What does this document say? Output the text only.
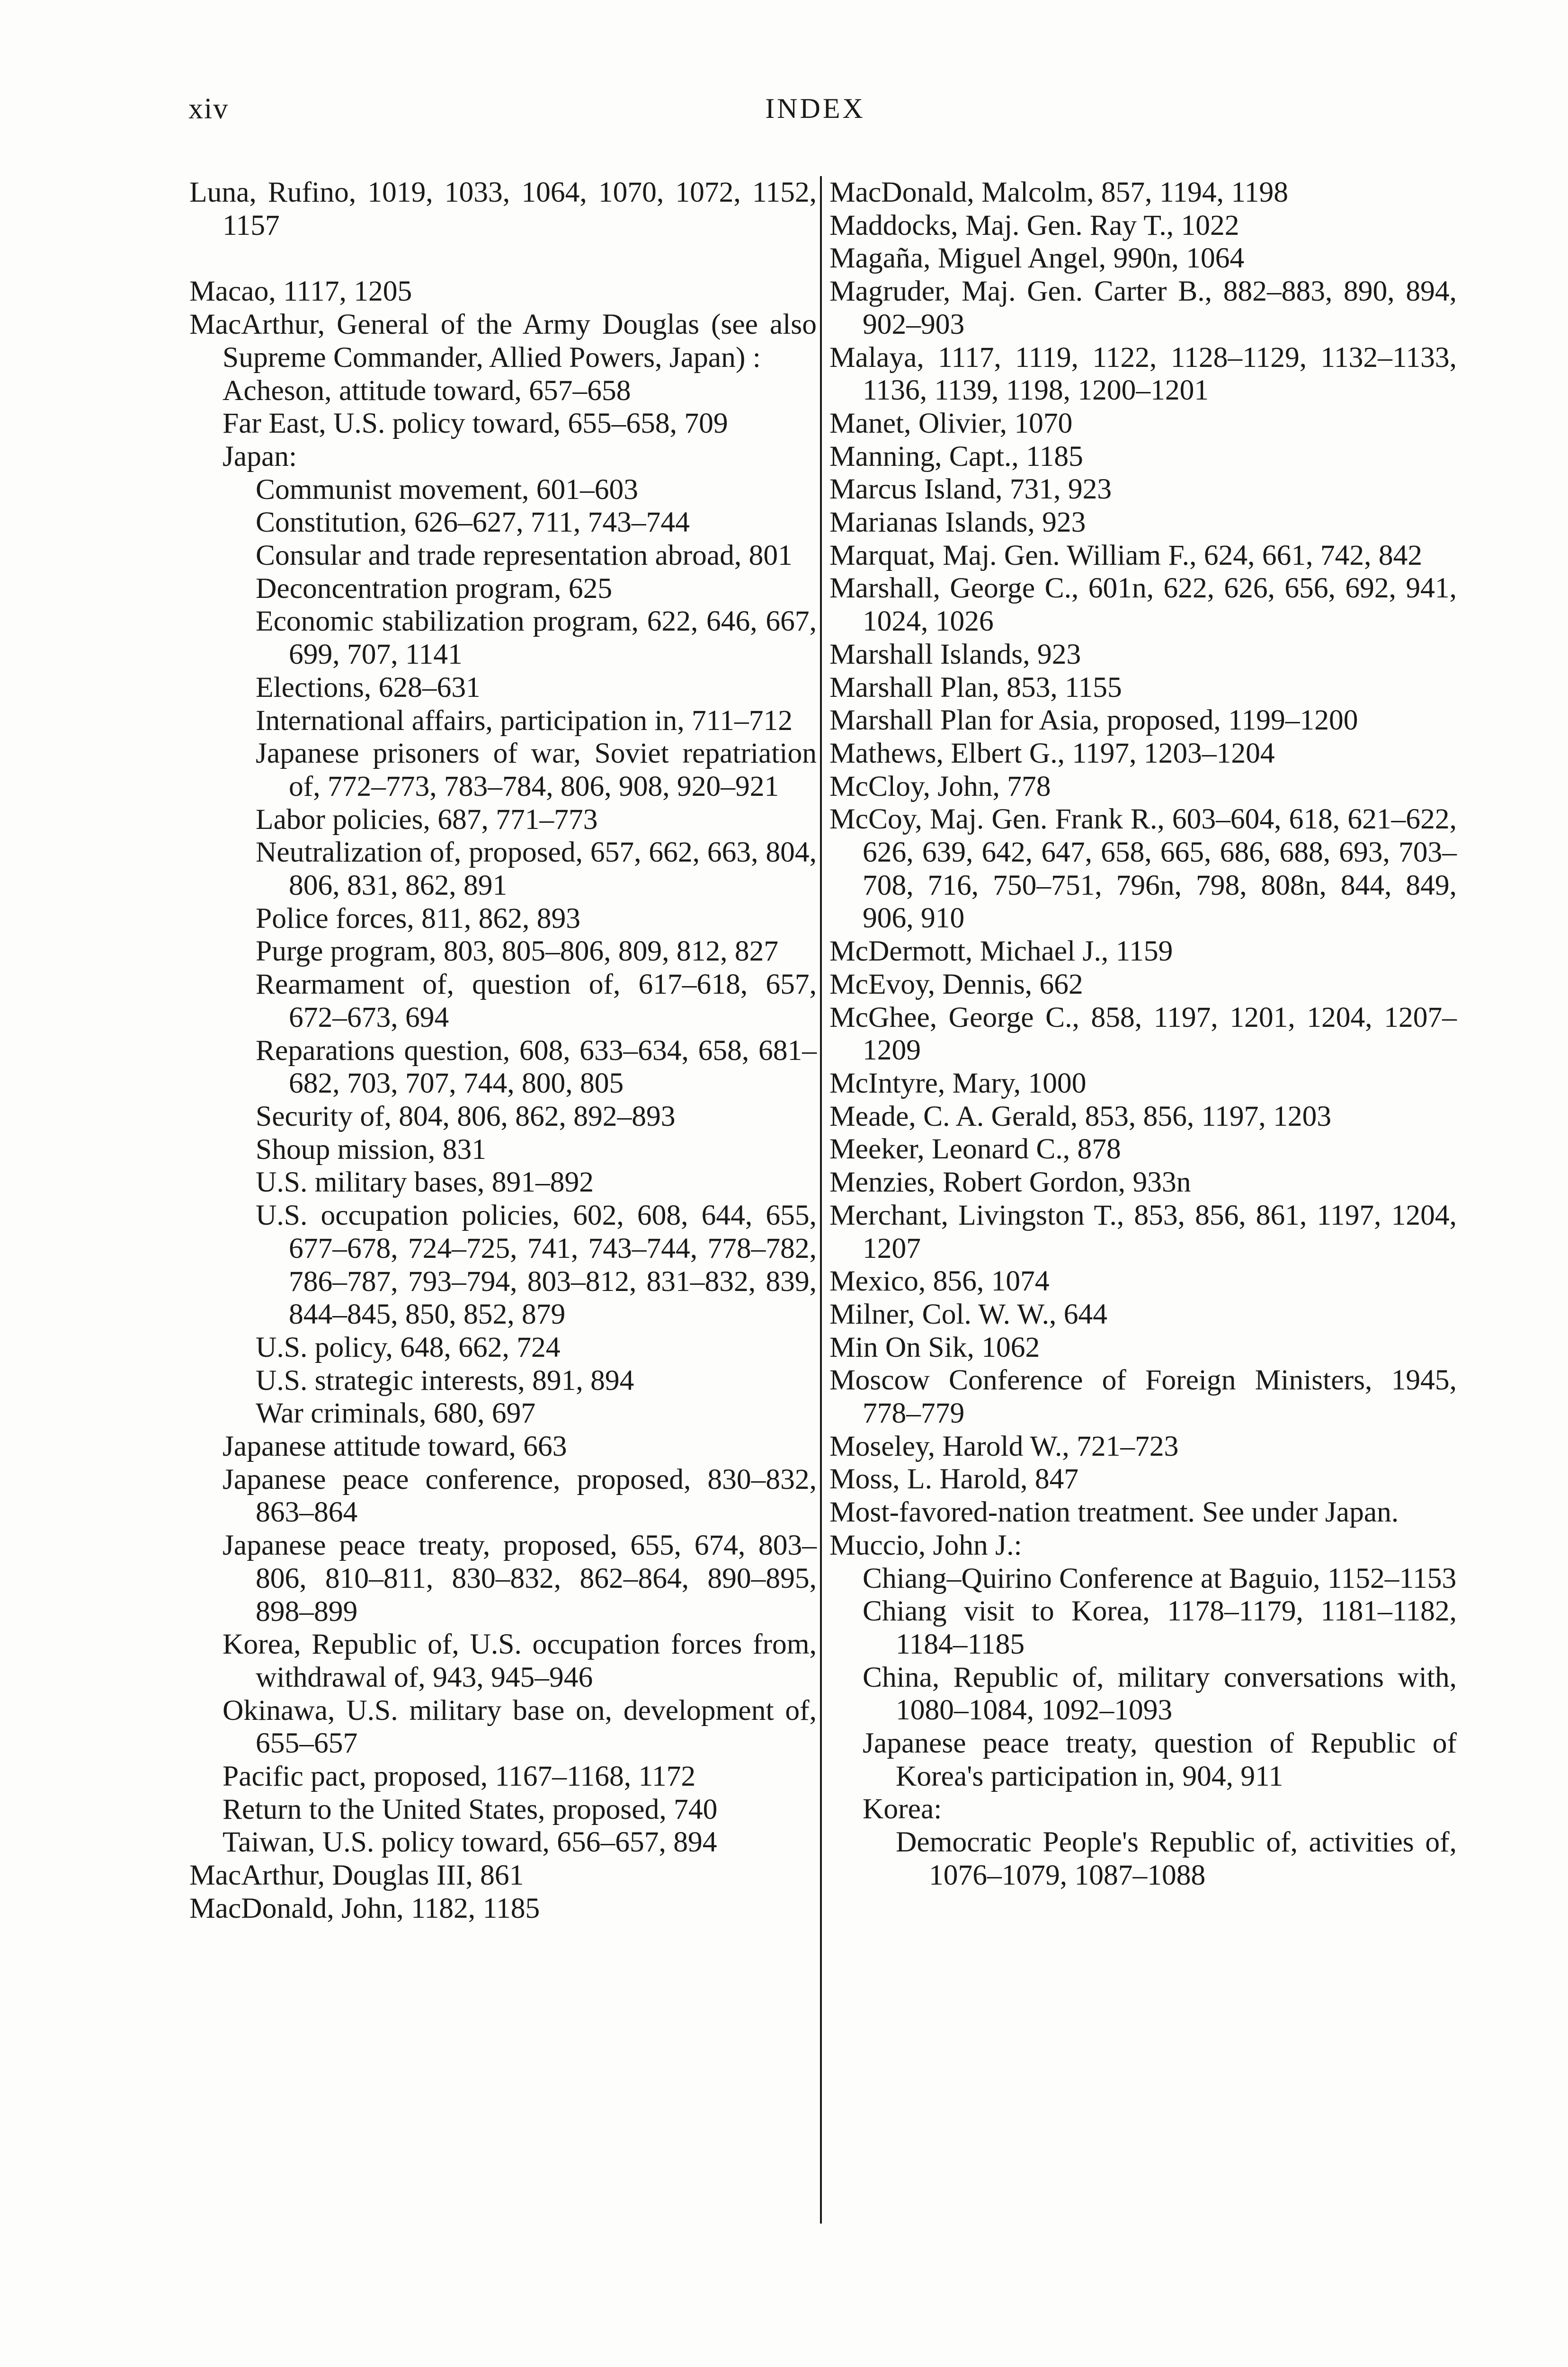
xiv	INDEX
Luna, Rufino, 1019, 1033, 1064, 1070, 1072, 1152, 1157
Macao, 1117, 1205
MacArthur, General of the Army Douglas (see also Supreme Commander, Allied Powers, Japan) :
Acheson, attitude toward, 657–658
Far East, U.S. policy toward, 655–658, 709
Japan:
Communist movement, 601–603
Constitution, 626–627, 711, 743–744
Consular and trade representation abroad, 801
Deconcentration program, 625
Economic stabilization program, 622, 646, 667, 699, 707, 1141
Elections, 628–631
International affairs, participation in, 711–712
Japanese prisoners of war, Soviet repatriation of, 772–773, 783–784, 806, 908, 920–921
Labor policies, 687, 771–773
Neutralization of, proposed, 657, 662, 663, 804, 806, 831, 862, 891
Police forces, 811, 862, 893
Purge program, 803, 805–806, 809, 812, 827
Rearmament of, question of, 617–618, 657, 672–673, 694
Reparations question, 608, 633–634, 658, 681–682, 703, 707, 744, 800, 805
Security of, 804, 806, 862, 892–893
Shoup mission, 831
U.S. military bases, 891–892
U.S. occupation policies, 602, 608, 644, 655, 677–678, 724–725, 741, 743–744, 778–782, 786–787, 793–794, 803–812, 831–832, 839, 844–845, 850, 852, 879
U.S. policy, 648, 662, 724
U.S. strategic interests, 891, 894
War criminals, 680, 697
Japanese attitude toward, 663
Japanese peace conference, proposed, 830–832, 863–864
Japanese peace treaty, proposed, 655, 674, 803–806, 810–811, 830–832, 862–864, 890–895, 898–899
Korea, Republic of, U.S. occupation forces from, withdrawal of, 943, 945–946
Okinawa, U.S. military base on, development of, 655–657
Pacific pact, proposed, 1167–1168, 1172
Return to the United States, proposed, 740
Taiwan, U.S. policy toward, 656–657, 894
MacArthur, Douglas III, 861
MacDonald, John, 1182, 1185
MacDonald, Malcolm, 857, 1194, 1198
Maddocks, Maj. Gen. Ray T., 1022
Magaña, Miguel Angel, 990n, 1064
Magruder, Maj. Gen. Carter B., 882–883, 890, 894, 902–903
Malaya, 1117, 1119, 1122, 1128–1129, 1132–1133, 1136, 1139, 1198, 1200–1201
Manet, Olivier, 1070
Manning, Capt., 1185
Marcus Island, 731, 923
Marianas Islands, 923
Marquat, Maj. Gen. William F., 624, 661, 742, 842
Marshall, George C., 601n, 622, 626, 656, 692, 941, 1024, 1026
Marshall Islands, 923
Marshall Plan, 853, 1155
Marshall Plan for Asia, proposed, 1199–1200
Mathews, Elbert G., 1197, 1203–1204
McCloy, John, 778
McCoy, Maj. Gen. Frank R., 603–604, 618, 621–622, 626, 639, 642, 647, 658, 665, 686, 688, 693, 703–708, 716, 750–751, 796n, 798, 808n, 844, 849, 906, 910
McDermott, Michael J., 1159
McEvoy, Dennis, 662
McGhee, George C., 858, 1197, 1201, 1204, 1207–1209
McIntyre, Mary, 1000
Meade, C. A. Gerald, 853, 856, 1197, 1203
Meeker, Leonard C., 878
Menzies, Robert Gordon, 933n
Merchant, Livingston T., 853, 856, 861, 1197, 1204, 1207
Mexico, 856, 1074
Milner, Col. W. W., 644
Min On Sik, 1062
Moscow Conference of Foreign Ministers, 1945, 778–779
Moseley, Harold W., 721–723
Moss, L. Harold, 847
Most-favored-nation treatment. See under Japan.
Muccio, John J.:
Chiang–Quirino Conference at Baguio, 1152–1153
Chiang visit to Korea, 1178–1179, 1181–1182, 1184–1185
China, Republic of, military conversations with, 1080–1084, 1092–1093
Japanese peace treaty, question of Republic of Korea's participation in, 904, 911
Korea:
Democratic People's Republic of, activities of, 1076–1079, 1087–1088
